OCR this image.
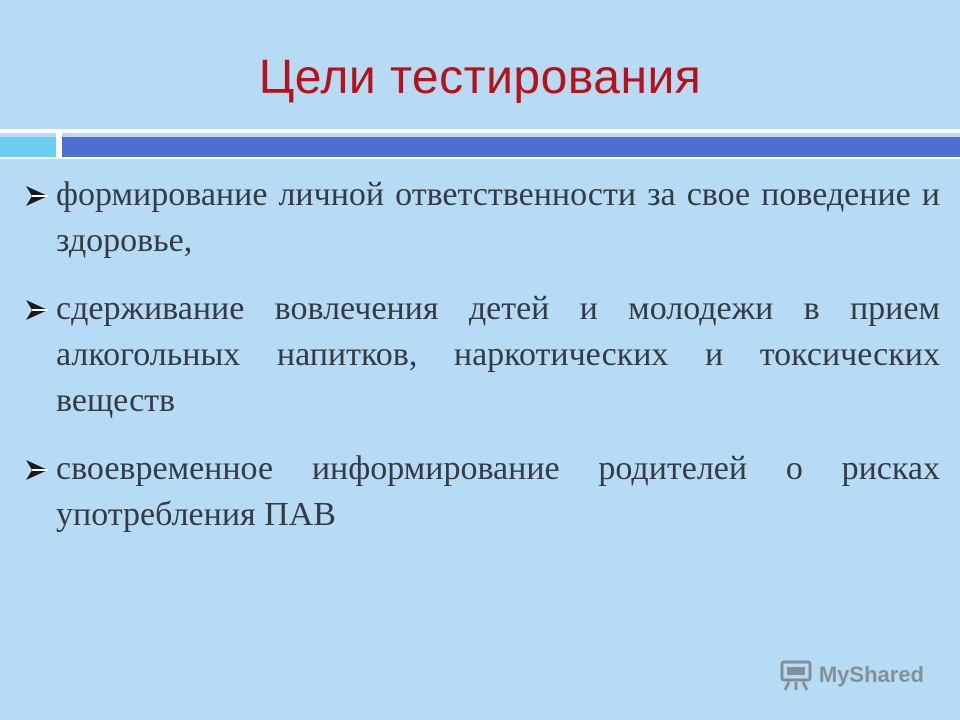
Цели тестирования
формирование личной ответственности за свое поведение и здоровье,
сдерживание вовлечения детей и молодежи в прием алкогольных напитков, наркотических и токсических веществ
своевременное информирование родителей о рисках употребления ПАВ
MyShared
